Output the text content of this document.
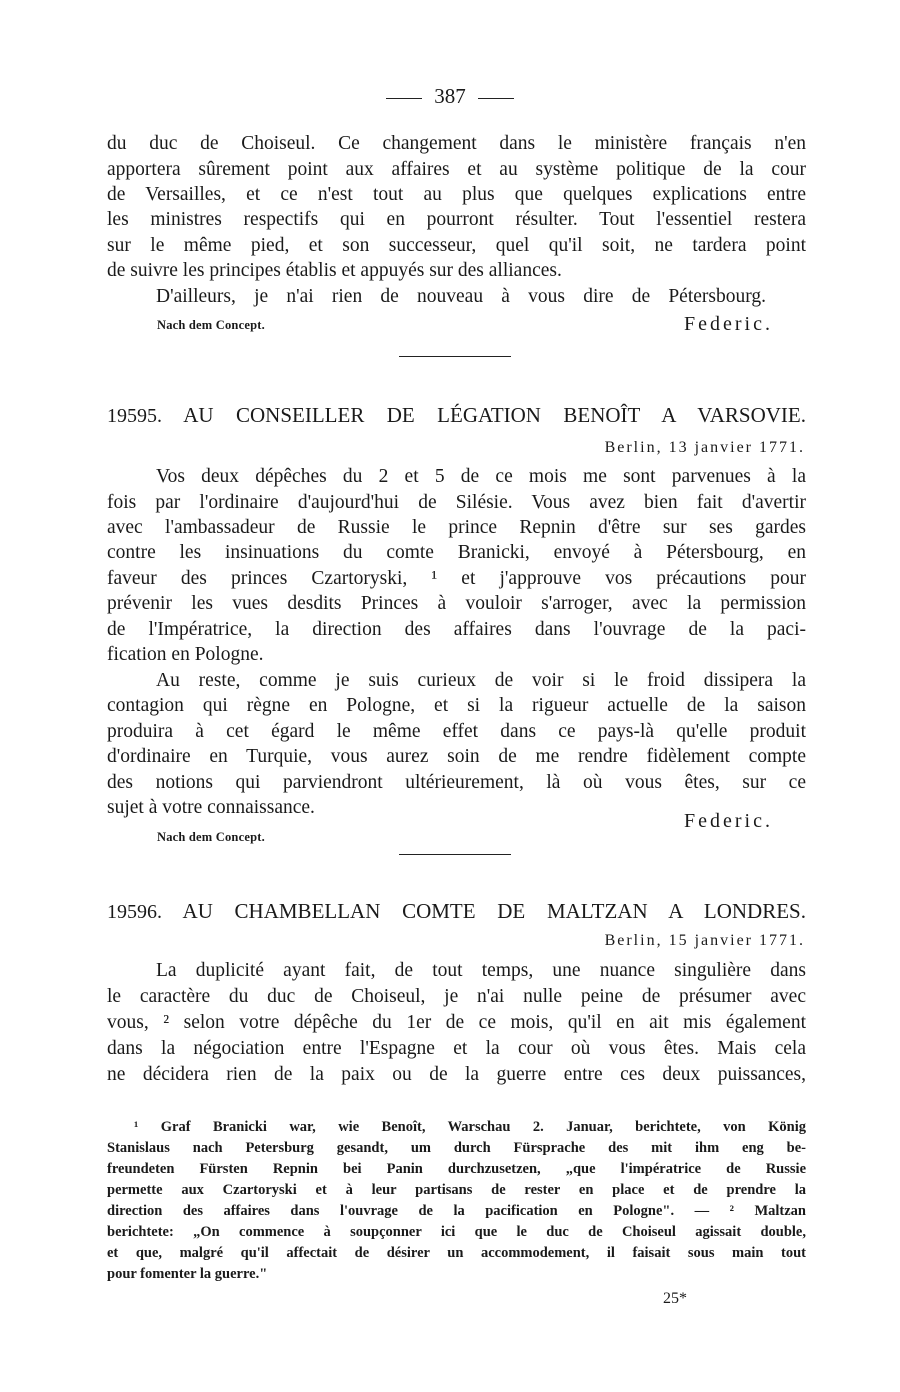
387
du duc de Choiseul. Ce changement dans le ministère français n'en
apportera sûrement point aux affaires et au système politique de la cour
de Versailles, et ce n'est tout au plus que quelques explications entre
les ministres respectifs qui en pourront résulter. Tout l'essentiel restera
sur le même pied, et son successeur, quel qu'il soit, ne tardera point
de suivre les principes établis et appuyés sur des alliances.
D'ailleurs, je n'ai rien de nouveau à vous dire de Pétersbourg.
Nach dem Concept.	Federic.
19595. AU CONSEILLER DE LÉGATION BENOÎT A VARSOVIE.
Berlin, 13 janvier 1771.
Vos deux dépêches du 2 et 5 de ce mois me sont parvenues à la
fois par l'ordinaire d'aujourd'hui de Silésie. Vous avez bien fait d'avertir
avec l'ambassadeur de Russie le prince Repnin d'être sur ses gardes
contre les insinuations du comte Branicki, envoyé à Pétersbourg, en
faveur des princes Czartoryski, ¹ et j'approuve vos précautions pour
prévenir les vues desdits Princes à vouloir s'arroger, avec la permission
de l'Impératrice, la direction des affaires dans l'ouvrage de la paci-
fication en Pologne.
Au reste, comme je suis curieux de voir si le froid dissipera la
contagion qui règne en Pologne, et si la rigueur actuelle de la saison
produira à cet égard le même effet dans ce pays-là qu'elle produit
d'ordinaire en Turquie, vous aurez soin de me rendre fidèlement compte
des notions qui parviendront ultérieurement, là où vous êtes, sur ce
sujet à votre connaissance.
Nach dem Concept.
Federic.
19596. AU CHAMBELLAN COMTE DE MALTZAN A LONDRES.
Berlin, 15 janvier 1771.
La duplicité ayant fait, de tout temps, une nuance singulière dans
le caractère du duc de Choiseul, je n'ai nulle peine de présumer avec
vous, ² selon votre dépêche du 1er de ce mois, qu'il en ait mis également
dans la négociation entre l'Espagne et la cour où vous êtes. Mais cela
ne décidera rien de la paix ou de la guerre entre ces deux puissances,
¹ Graf Branicki war, wie Benoît, Warschau 2. Januar, berichtete, von König
Stanislaus nach Petersburg gesandt, um durch Fürsprache des mit ihm eng be-
freundeten Fürsten Repnin bei Panin durchzusetzen, „que l'impératrice de Russie
permette aux Czartoryski et à leur partisans de rester en place et de prendre la
direction des affaires dans l'ouvrage de la pacification en Pologne". — ² Maltzan
berichtete: „On commence à soupçonner ici que le duc de Choiseul agissait double,
et que, malgré qu'il affectait de désirer un accommodement, il faisait sous main tout
pour fomenter la guerre."
25*
